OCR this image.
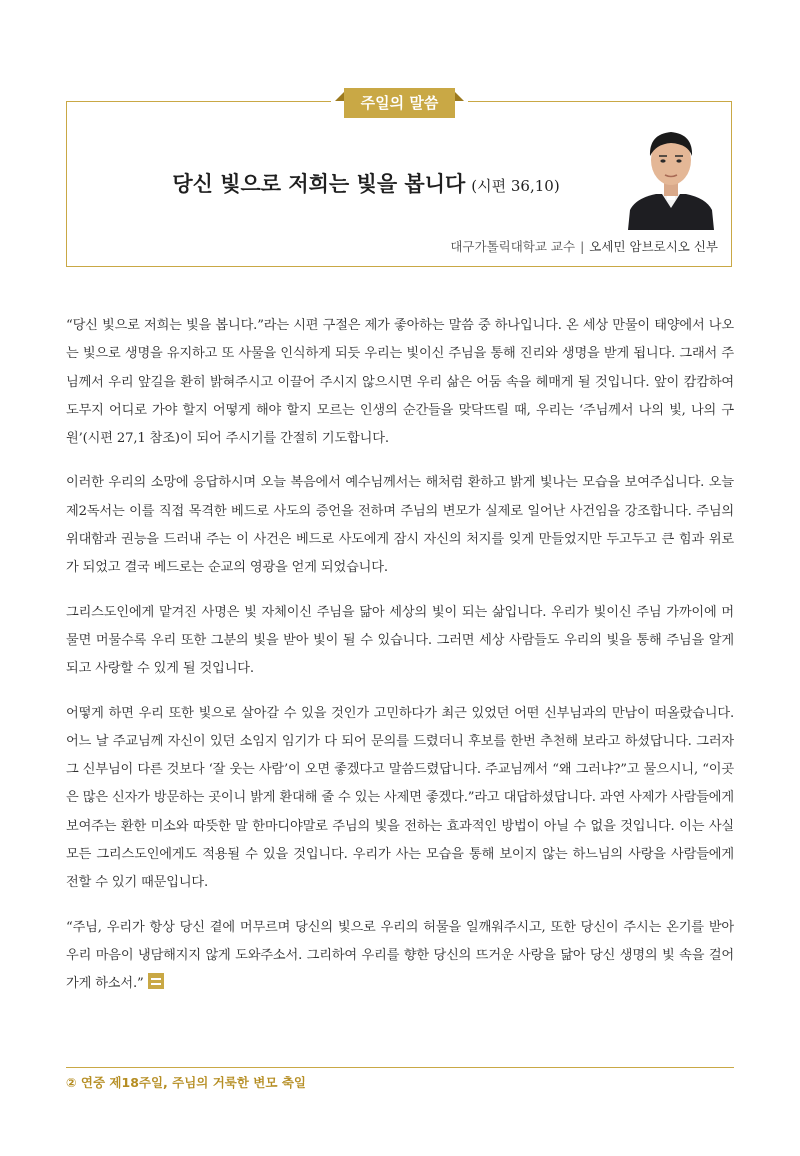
주일의 말씀
당신 빛으로 저희는 빛을 봅니다 (시편 36,10)
대구가톨릭대학교 교수 | 오세민 암브로시오 신부

“당신 빛으로 저희는 빛을 봅니다.”라는 시편 구절은 제가 좋아하는 말씀 중 하나입니다. 온 세상 만물이 태양에서 나오는 빛으로 생명을 유지하고 또 사물을 인식하게 되듯 우리는 빛이신 주님을 통해 진리와 생명을 받게 됩니다. 그래서 주님께서 우리 앞길을 환히 밝혀주시고 이끌어 주시지 않으시면 우리 삶은 어둠 속을 헤매게 될 것입니다. 앞이 캄캄하여 도무지 어디로 가야 할지 어떻게 해야 할지 모르는 인생의 순간들을 맞닥뜨릴 때, 우리는 ‘주님께서 나의 빛, 나의 구원’(시편 27,1 참조)이 되어 주시기를 간절히 기도합니다.

이러한 우리의 소망에 응답하시며 오늘 복음에서 예수님께서는 해처럼 환하고 밝게 빛나는 모습을 보여주십니다. 오늘 제2독서는 이를 직접 목격한 베드로 사도의 증언을 전하며 주님의 변모가 실제로 일어난 사건임을 강조합니다. 주님의 위대함과 권능을 드러내 주는 이 사건은 베드로 사도에게 잠시 자신의 처지를 잊게 만들었지만 두고두고 큰 힘과 위로가 되었고 결국 베드로는 순교의 영광을 얻게 되었습니다.

그리스도인에게 맡겨진 사명은 빛 자체이신 주님을 닮아 세상의 빛이 되는 삶입니다. 우리가 빛이신 주님 가까이에 머물면 머물수록 우리 또한 그분의 빛을 받아 빛이 될 수 있습니다. 그러면 세상 사람들도 우리의 빛을 통해 주님을 알게 되고 사랑할 수 있게 될 것입니다.

어떻게 하면 우리 또한 빛으로 살아갈 수 있을 것인가 고민하다가 최근 있었던 어떤 신부님과의 만남이 떠올랐습니다. 어느 날 주교님께 자신이 있던 소임지 임기가 다 되어 문의를 드렸더니 후보를 한번 추천해 보라고 하셨답니다. 그러자 그 신부님이 다른 것보다 ‘잘 웃는 사람’이 오면 좋겠다고 말씀드렸답니다. 주교님께서 “왜 그러냐?”고 물으시니, “이곳은 많은 신자가 방문하는 곳이니 밝게 환대해 줄 수 있는 사제면 좋겠다.”라고 대답하셨답니다. 과연 사제가 사람들에게 보여주는 환한 미소와 따뜻한 말 한마디야말로 주님의 빛을 전하는 효과적인 방법이 아닐 수 없을 것입니다. 이는 사실 모든 그리스도인에게도 적용될 수 있을 것입니다. 우리가 사는 모습을 통해 보이지 않는 하느님의 사랑을 사람들에게 전할 수 있기 때문입니다.

“주님, 우리가 항상 당신 곁에 머무르며 당신의 빛으로 우리의 허물을 일깨워주시고, 또한 당신이 주시는 온기를 받아 우리 마음이 냉담해지지 않게 도와주소서. 그리하여 우리를 향한 당신의 뜨거운 사랑을 닮아 당신 생명의 빛 속을 걸어가게 하소서.”

② 연중 제18주일, 주님의 거룩한 변모 축일
